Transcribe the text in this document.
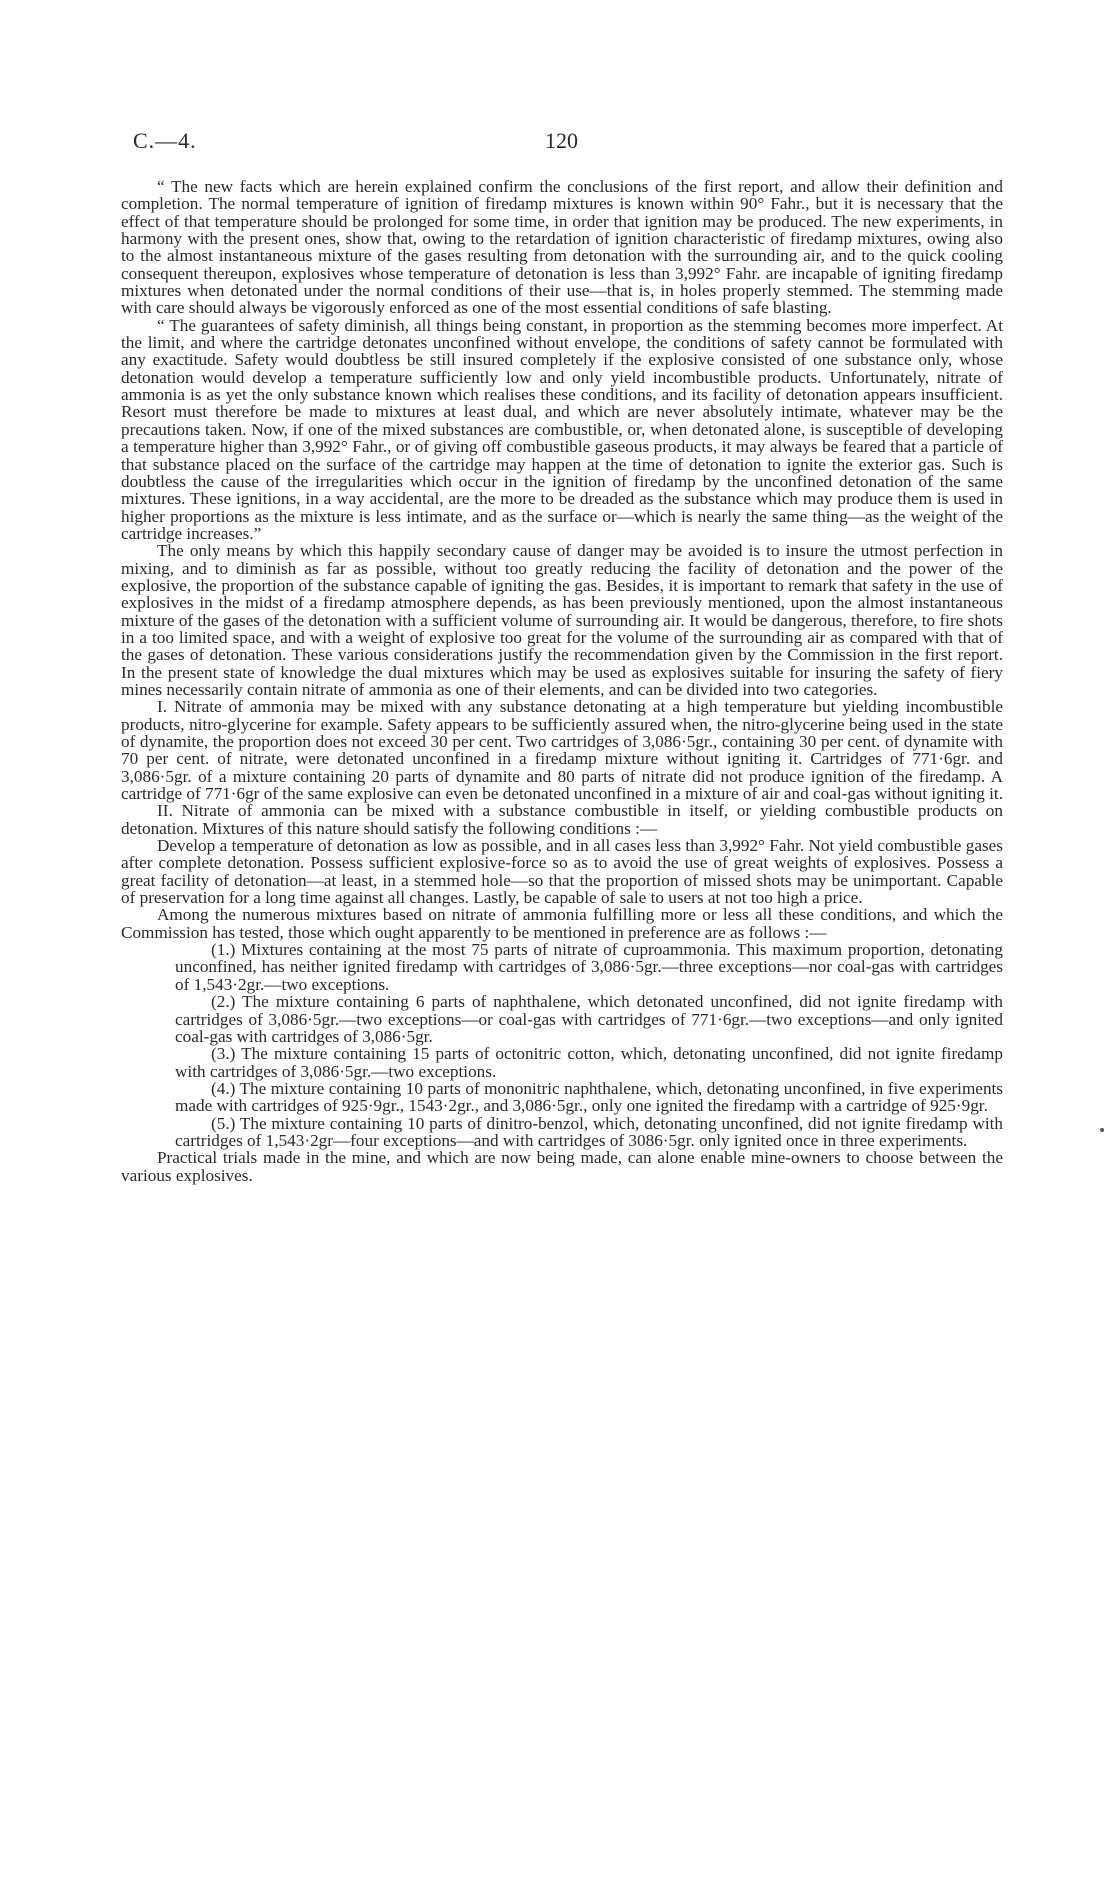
C.—4.	120

“ The new facts which are herein explained confirm the conclusions of the first report, and allow their definition and completion. The normal temperature of ignition of firedamp mixtures is known within 90° Fahr., but it is necessary that the effect of that temperature should be prolonged for some time, in order that ignition may be produced. The new experiments, in harmony with the present ones, show that, owing to the retardation of ignition characteristic of firedamp mixtures, owing also to the almost instantaneous mixture of the gases resulting from detonation with the surrounding air, and to the quick cooling consequent thereupon, explosives whose temperature of detonation is less than 3,992° Fahr. are incapable of igniting firedamp mixtures when detonated under the normal conditions of their use—that is, in holes properly stemmed. The stemming made with care should always be vigorously enforced as one of the most essential conditions of safe blasting.

“ The guarantees of safety diminish, all things being constant, in proportion as the stemming becomes more imperfect. At the limit, and where the cartridge detonates unconfined without envelope, the conditions of safety cannot be formulated with any exactitude. Safety would doubtless be still insured completely if the explosive consisted of one substance only, whose detonation would develop a temperature sufficiently low and only yield incombustible products. Unfortunately, nitrate of ammonia is as yet the only substance known which realises these conditions, and its facility of detonation appears insufficient. Resort must therefore be made to mixtures at least dual, and which are never absolutely intimate, whatever may be the precautions taken. Now, if one of the mixed substances are combustible, or, when detonated alone, is susceptible of developing a temperature higher than 3,992° Fahr., or of giving off combustible gaseous products, it may always be feared that a particle of that substance placed on the surface of the cartridge may happen at the time of detonation to ignite the exterior gas. Such is doubtless the cause of the irregularities which occur in the ignition of firedamp by the unconfined detonation of the same mixtures. These ignitions, in a way accidental, are the more to be dreaded as the substance which may produce them is used in higher proportions as the mixture is less intimate, and as the surface or—which is nearly the same thing—as the weight of the cartridge increases.”

The only means by which this happily secondary cause of danger may be avoided is to insure the utmost perfection in mixing, and to diminish as far as possible, without too greatly reducing the facility of detonation and the power of the explosive, the proportion of the substance capable of igniting the gas. Besides, it is important to remark that safety in the use of explosives in the midst of a firedamp atmosphere depends, as has been previously mentioned, upon the almost instantaneous mixture of the gases of the detonation with a sufficient volume of surrounding air. It would be dangerous, therefore, to fire shots in a too limited space, and with a weight of explosive too great for the volume of the surrounding air as compared with that of the gases of detonation. These various considerations justify the recommendation given by the Commission in the first report. In the present state of knowledge the dual mixtures which may be used as explosives suitable for insuring the safety of fiery mines necessarily contain nitrate of ammonia as one of their elements, and can be divided into two categories.

I. Nitrate of ammonia may be mixed with any substance detonating at a high temperature but yielding incombustible products, nitro-glycerine for example. Safety appears to be sufficiently assured when, the nitro-glycerine being used in the state of dynamite, the proportion does not exceed 30 per cent. Two cartridges of 3,086·5gr., containing 30 per cent. of dynamite with 70 per cent. of nitrate, were detonated unconfined in a firedamp mixture without igniting it. Cartridges of 771·6gr. and 3,086·5gr. of a mixture containing 20 parts of dynamite and 80 parts of nitrate did not produce ignition of the firedamp. A cartridge of 771·6gr of the same explosive can even be detonated unconfined in a mixture of air and coal-gas without igniting it.

II. Nitrate of ammonia can be mixed with a substance combustible in itself, or yielding combustible products on detonation. Mixtures of this nature should satisfy the following conditions :—

Develop a temperature of detonation as low as possible, and in all cases less than 3,992° Fahr. Not yield combustible gases after complete detonation. Possess sufficient explosive-force so as to avoid the use of great weights of explosives. Possess a great facility of detonation—at least, in a stemmed hole—so that the proportion of missed shots may be unimportant. Capable of preservation for a long time against all changes. Lastly, be capable of sale to users at not too high a price.

Among the numerous mixtures based on nitrate of ammonia fulfilling more or less all these conditions, and which the Commission has tested, those which ought apparently to be mentioned in preference are as follows :—

(1.) Mixtures containing at the most 75 parts of nitrate of cuproammonia. This maximum proportion, detonating unconfined, has neither ignited firedamp with cartridges of 3,086·5gr.—three exceptions—nor coal-gas with cartridges of 1,543·2gr.—two exceptions.

(2.) The mixture containing 6 parts of naphthalene, which detonated unconfined, did not ignite firedamp with cartridges of 3,086·5gr.—two exceptions—or coal-gas with cartridges of 771·6gr.—two exceptions—and only ignited coal-gas with cartridges of 3,086·5gr.

(3.) The mixture containing 15 parts of octonitric cotton, which, detonating unconfined, did not ignite firedamp with cartridges of 3,086·5gr.—two exceptions.

(4.) The mixture containing 10 parts of mononitric naphthalene, which, detonating unconfined, in five experiments made with cartridges of 925·9gr., 1543·2gr., and 3,086·5gr., only one ignited the firedamp with a cartridge of 925·9gr.

(5.) The mixture containing 10 parts of dinitro-benzol, which, detonating unconfined, did not ignite firedamp with cartridges of 1,543·2gr—four exceptions—and with cartridges of 3086·5gr. only ignited once in three experiments.

Practical trials made in the mine, and which are now being made, can alone enable mine-owners to choose between the various explosives.
